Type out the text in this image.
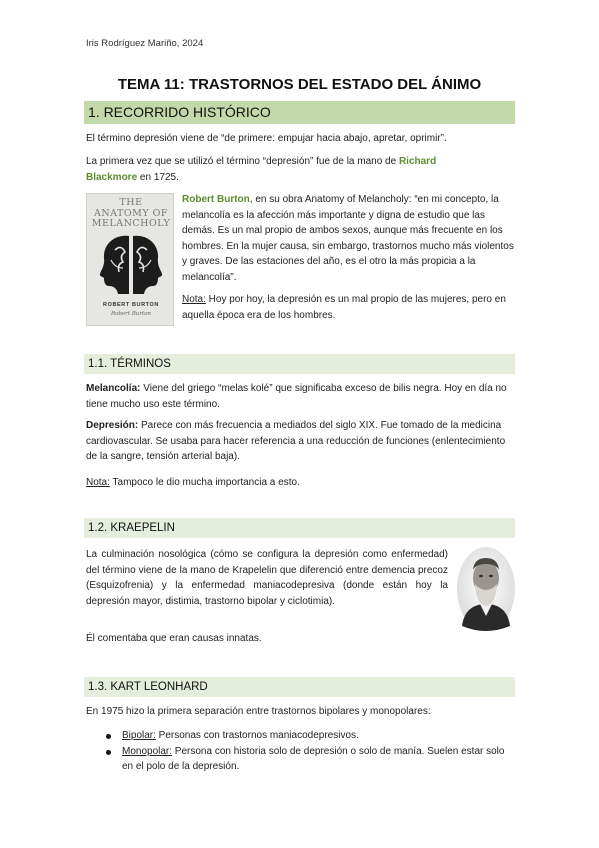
Iris Rodríguez Mariño, 2024
TEMA 11: TRASTORNOS DEL ESTADO DEL ÁNIMO
1. RECORRIDO HISTÓRICO
El término depresión viene de “de primere: empujar hacia abajo, apretar, oprimir”.
La primera vez que se utilizó el término “depresión” fue de la mano de Richard
Blackmore en 1725.
THE
ANATOMY OF
MELANCHOLY
ROBERT BURTON
Robert Burton
Robert Burton, en su obra Anatomy of Melancholy: “en mi concepto, la melancolía es la afección más importante y digna de estudio que las demás. Es un mal propio de ambos sexos, aunque más frecuente en los hombres. En la mujer causa, sin embargo, trastornos mucho más violentos y graves. De las estaciones del año, es el otro la más propicia a la melancolía”.
Nota: Hoy por hoy, la depresión es un mal propio de las mujeres, pero en aquella época era de los hombres.
1.1. TÉRMINOS
Melancolía: Viene del griego “melas kolé” que significaba exceso de bilis negra. Hoy en día no tiene mucho uso este término.
Depresión: Parece con más frecuencia a mediados del siglo XIX. Fue tomado de la medicina cardiovascular. Se usaba para hacer referencia a una reducción de funciones (enlentecimiento de la sangre, tensión arterial baja).
Nota: Tampoco le dio mucha importancia a esto.
1.2. KRAEPELIN
La culminación nosológica (cómo se configura la depresión como enfermedad) del término viene de la mano de Krapelelin que diferenció entre demencia precoz (Esquizofrenia) y la enfermedad maniacodepresiva (donde están hoy la depresión mayor, distimia, trastorno bipolar y ciclotimia).
Él comentaba que eran causas innatas.
1.3. KART LEONHARD
En 1975 hizo la primera separación entre trastornos bipolares y monopolares:
Bipolar: Personas con trastornos maniacodepresivos.
Monopolar: Persona con historia solo de depresión o solo de manía. Suelen estar solo en el polo de la depresión.
